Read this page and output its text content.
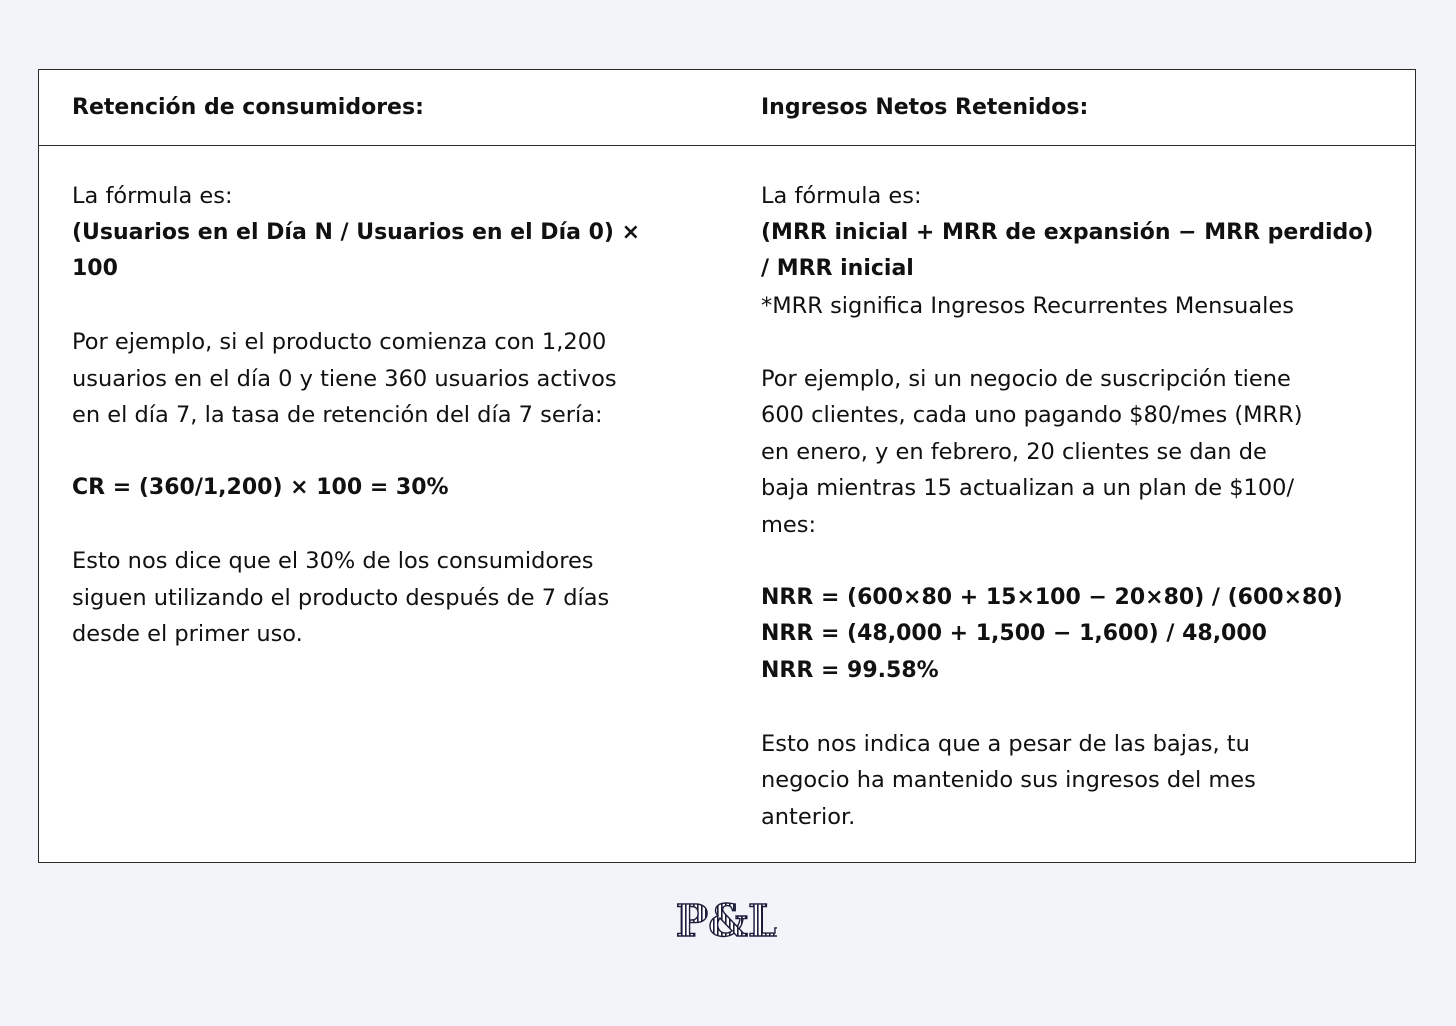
Retención de consumidores:	Ingresos Netos Retenidos:

La fórmula es:

(Usuarios en el Día N / Usuarios en el Día 0) ×

100

Por ejemplo, si el producto comienza con 1,200

usuarios en el día 0 y tiene 360 usuarios activos

en el día 7, la tasa de retención del día 7 sería:

CR = (360/1,200) × 100 = 30%

Esto nos dice que el 30% de los consumidores

siguen utilizando el producto después de 7 días

desde el primer uso.

La fórmula es:

(MRR inicial + MRR de expansión − MRR perdido)

/ MRR inicial

*MRR significa Ingresos Recurrentes Mensuales

Por ejemplo, si un negocio de suscripción tiene

600 clientes, cada uno pagando $80/mes (MRR)

en enero, y en febrero, 20 clientes se dan de

baja mientras 15 actualizan a un plan de $100/

mes:

NRR = (600×80 + 15×100 − 20×80) / (600×80)

NRR = (48,000 + 1,500 − 1,600) / 48,000

NRR = 99.58%

Esto nos indica que a pesar de las bajas, tu

negocio ha mantenido sus ingresos del mes

anterior.

P&L
